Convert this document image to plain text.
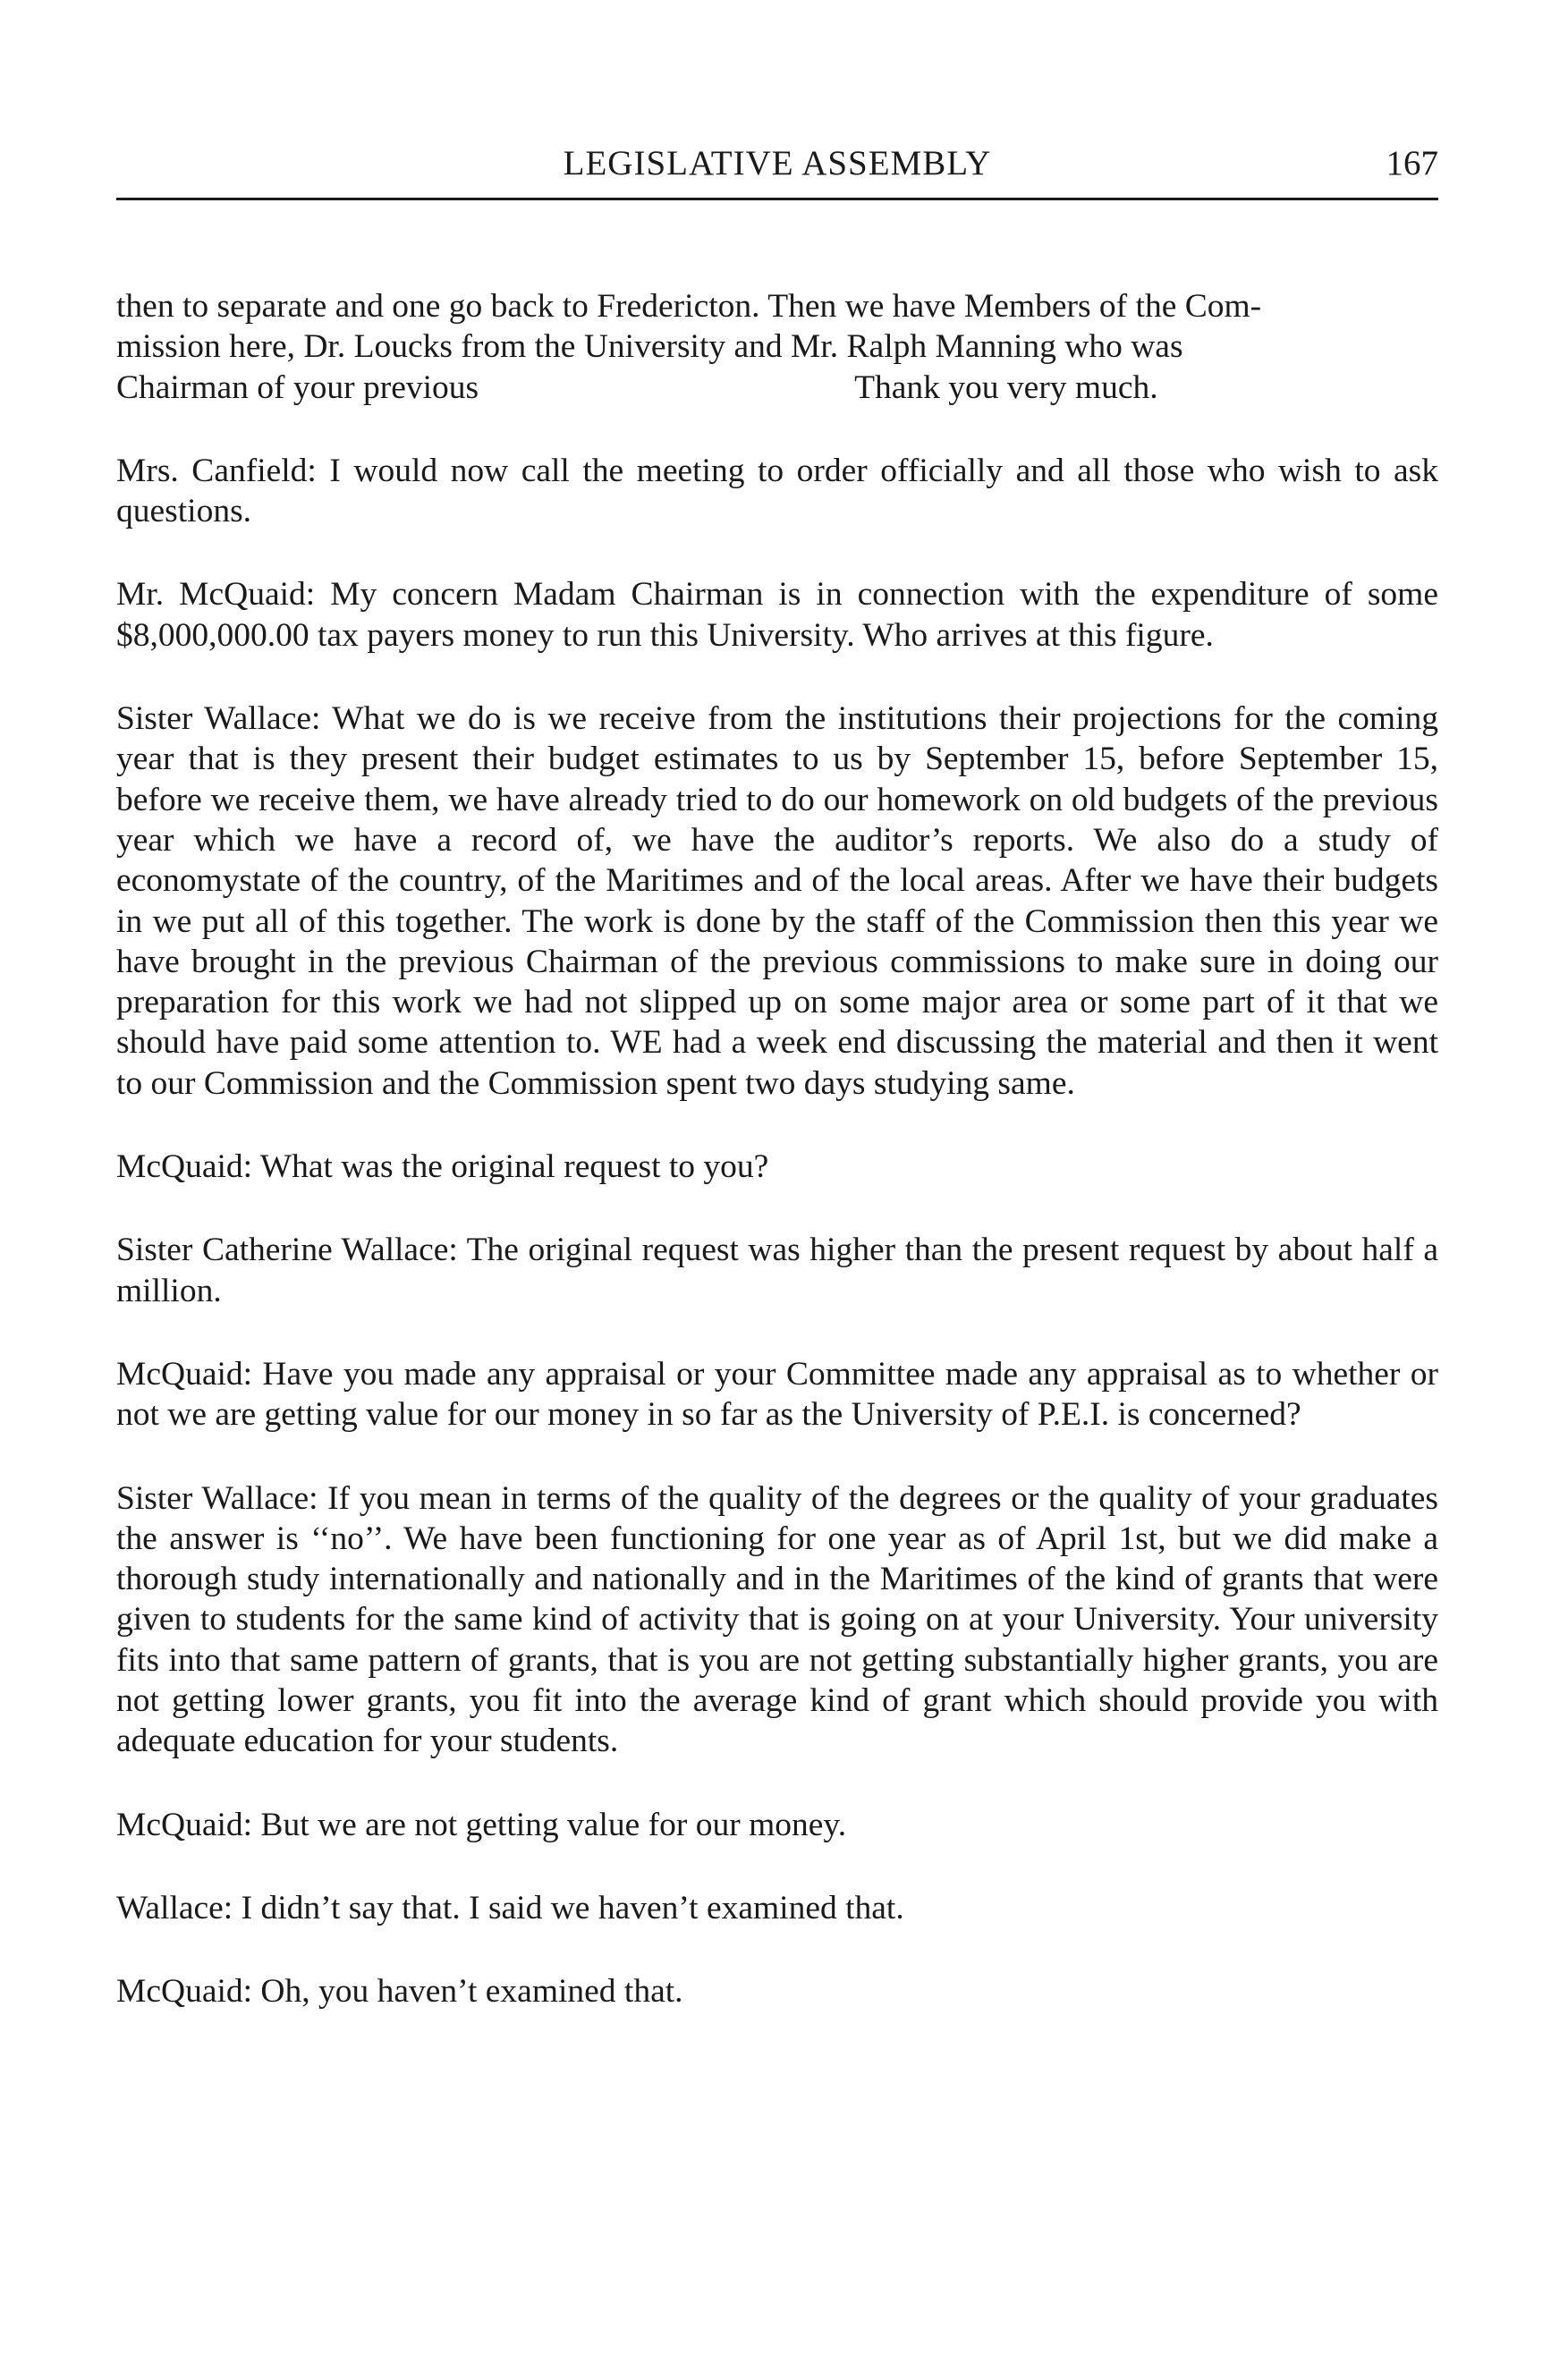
LEGISLATIVE ASSEMBLY	167

then to separate and one go back to Fredericton. Then we have Members of the Com-
mission here, Dr. Loucks from the University and Mr. Ralph Manning who was
Chairman of your previous	Thank you very much.

Mrs. Canfield: I would now call the meeting to order officially and all those who wish to ask questions.

Mr. McQuaid: My concern Madam Chairman is in connection with the expenditure of some $8,000,000.00 tax payers money to run this University. Who arrives at this figure.

Sister Wallace: What we do is we receive from the institutions their projections for the coming year that is they present their budget estimates to us by September 15, before September 15, before we receive them, we have already tried to do our homework on old budgets of the previous year which we have a record of, we have the auditor’s reports. We also do a study of economystate of the country, of the Maritimes and of the local areas. After we have their budgets in we put all of this together. The work is done by the staff of the Commission then this year we have brought in the previous Chairman of the previous commissions to make sure in doing our preparation for this work we had not slipped up on some major area or some part of it that we should have paid some attention to. WE had a week end discussing the material and then it went to our Commission and the Commission spent two days studying same.

McQuaid: What was the original request to you?

Sister Catherine Wallace: The original request was higher than the present request by about half a million.

McQuaid: Have you made any appraisal or your Committee made any appraisal as to whether or not we are getting value for our money in so far as the University of P.E.I. is concerned?

Sister Wallace: If you mean in terms of the quality of the degrees or the quality of your graduates the answer is ‘‘no’’. We have been functioning for one year as of April 1st, but we did make a thorough study internationally and nationally and in the Maritimes of the kind of grants that were given to students for the same kind of activity that is going on at your University. Your university fits into that same pattern of grants, that is you are not getting substantially higher grants, you are not getting lower grants, you fit into the average kind of grant which should provide you with adequate education for your students.

McQuaid: But we are not getting value for our money.

Wallace: I didn’t say that. I said we haven’t examined that.

McQuaid: Oh, you haven’t examined that.
